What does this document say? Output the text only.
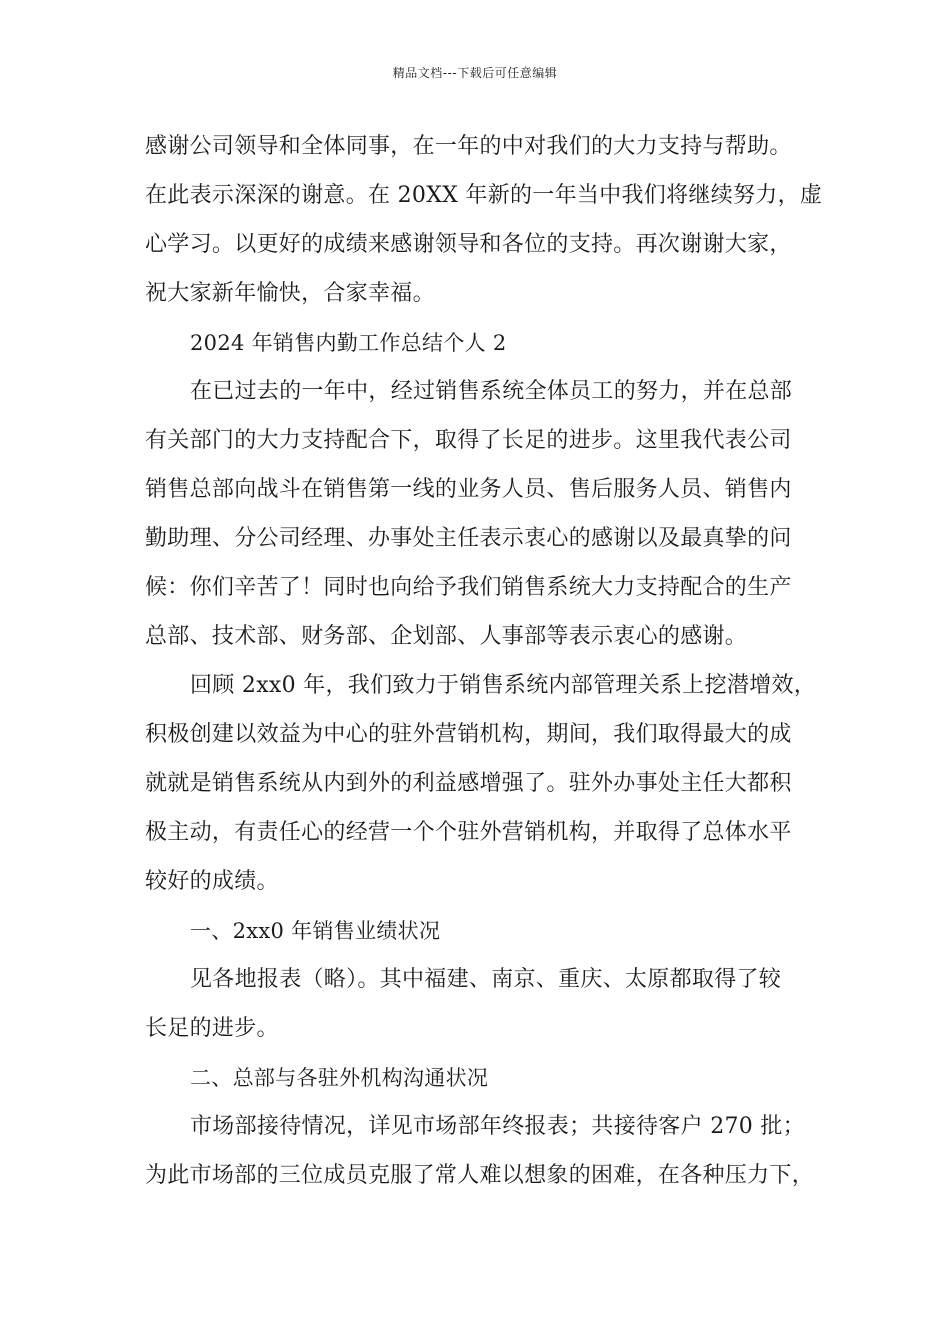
精品文档---下载后可任意编辑
感谢公司领导和全体同事，在一年的中对我们的大力支持与帮助。
在此表示深深的谢意。在 20XX 年新的一年当中我们将继续努力，虚
心学习。以更好的成绩来感谢领导和各位的支持。再次谢谢大家，
祝大家新年愉快，合家幸福。
2024 年销售内勤工作总结个人 2
在已过去的一年中，经过销售系统全体员工的努力，并在总部
有关部门的大力支持配合下，取得了长足的进步。这里我代表公司
销售总部向战斗在销售第一线的业务人员、售后服务人员、销售内
勤助理、分公司经理、办事处主任表示衷心的感谢以及最真挚的问
候：你们辛苦了！同时也向给予我们销售系统大力支持配合的生产
总部、技术部、财务部、企划部、人事部等表示衷心的感谢。
回顾 2xx0 年，我们致力于销售系统内部管理关系上挖潜增效，
积极创建以效益为中心的驻外营销机构，期间，我们取得最大的成
就就是销售系统从内到外的利益感增强了。驻外办事处主任大都积
极主动，有责任心的经营一个个驻外营销机构，并取得了总体水平
较好的成绩。
一、2xx0 年销售业绩状况
见各地报表（略）。其中福建、南京、重庆、太原都取得了较
长足的进步。
二、总部与各驻外机构沟通状况
市场部接待情况，详见市场部年终报表；共接待客户 270 批；
为此市场部的三位成员克服了常人难以想象的困难，在各种压力下，
